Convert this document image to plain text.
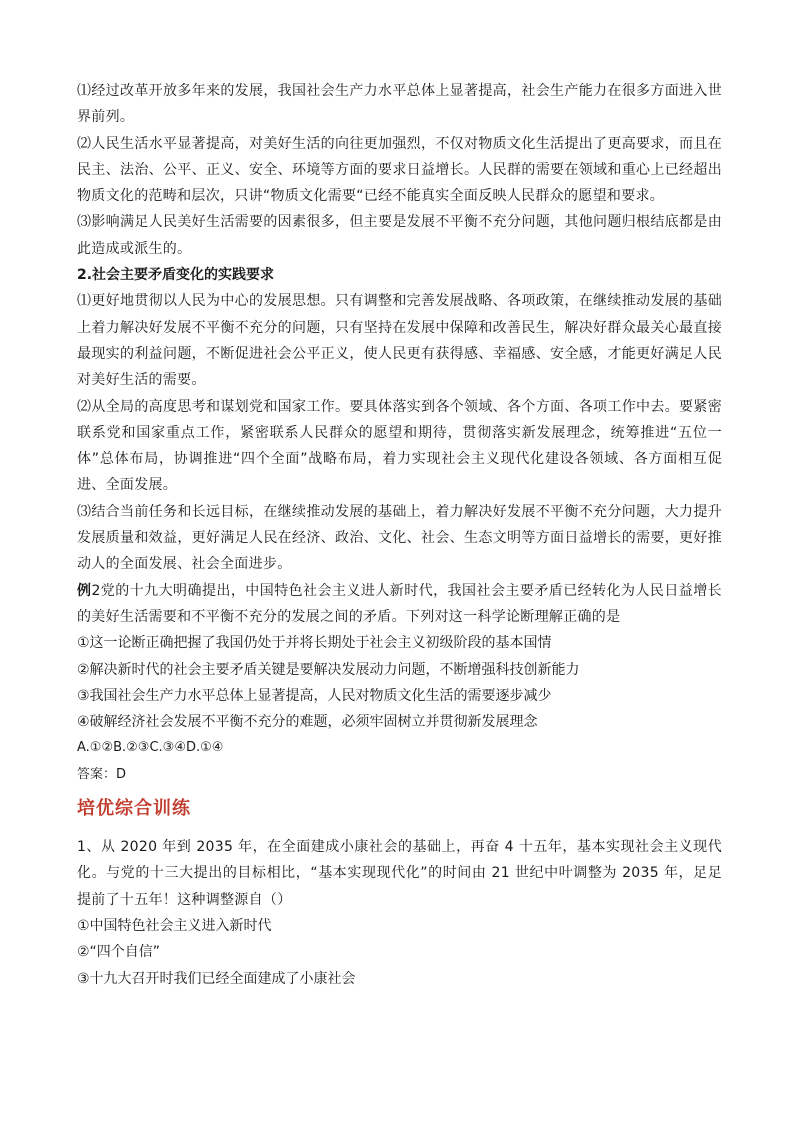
⑴经过改革开放多年来的发展，我国社会生产力水平总体上显著提高，社会生产能力在很多方面进入世界前列。

⑵人民生活水平显著提高，对美好生活的向往更加强烈，不仅对物质文化生活提出了更高要求，而且在民主、法治、公平、正义、安全、环境等方面的要求日益增长。人民群的需要在领域和重心上已经超出物质文化的范畴和层次，只讲“物质文化需要“已经不能真实全面反映人民群众的愿望和要求。

⑶影响满足人民美好生活需要的因素很多，但主要是发展不平衡不充分问题，其他问题归根结底都是由此造成或派生的。

2.社会主要矛盾变化的实践要求

⑴更好地贯彻以人民为中心的发展思想。只有调整和完善发展战略、各项政策，在继续推动发展的基础上着力解决好发展不平衡不充分的问题，只有坚持在发展中保障和改善民生，解决好群众最关心最直接最现实的利益问题，不断促进社会公平正义，使人民更有获得感、幸福感、安全感，才能更好满足人民对美好生活的需要。

⑵从全局的高度思考和谋划党和国家工作。要具体落实到各个领域、各个方面、各项工作中去。要紧密联系党和国家重点工作，紧密联系人民群众的愿望和期待，贯彻落实新发展理念，统筹推进“五位一体”总体布局，协调推进“四个全面”战略布局，着力实现社会主义现代化建设各领域、各方面相互促进、全面发展。

⑶结合当前任务和长远目标，在继续推动发展的基础上，着力解决好发展不平衡不充分问题，大力提升发展质量和效益，更好满足人民在经济、政治、文化、社会、生态文明等方面日益增长的需要，更好推动人的全面发展、社会全面进步。

例2党的十九大明确提出，中国特色社会主义进人新时代，我国社会主要矛盾已经转化为人民日益增长的美好生活需要和不平衡不充分的发展之间的矛盾。下列对这一科学论断理解正确的是

①这一论断正确把握了我国仍处于并将长期处于社会主义初级阶段的基本国情

②解决新时代的社会主要矛盾关键是要解决发展动力问题，不断增强科技创新能力

③我国社会生产力水平总体上显著提高，人民对物质文化生活的需要逐步减少

④破解经济社会发展不平衡不充分的难题，必须牢固树立并贯彻新发展理念

A.①②B.②③C.③④D.①④

答案：D

培优综合训练

1、从 2020 年到 2035 年，在全面建成小康社会的基础上，再奋 4 十五年，基本实现社会主义现代化。与党的十三大提出的目标相比，“基本实现现代化”的时间由 21 世纪中叶调整为 2035 年，足足提前了十五年！这种调整源自（）

①中国特色社会主义进入新时代

②“四个自信”

③十九大召开时我们已经全面建成了小康社会
